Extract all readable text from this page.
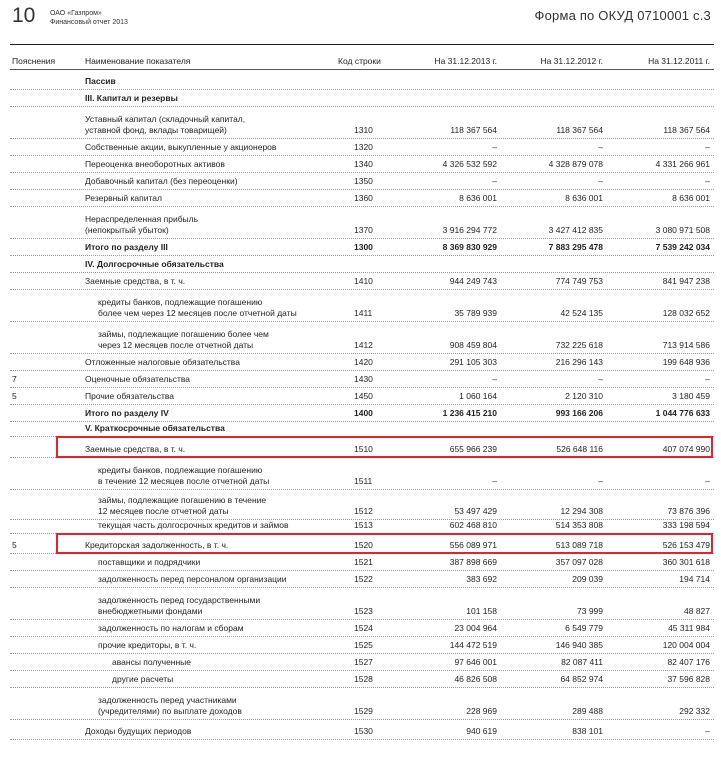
10 ОАО «Газпром»
Финансовый отчет 2013	Форма по ОКУД 0710001 с.3
Пояснения	Наименование показателя	Код строки	На 31.12.2013 г.	На 31.12.2012 г.	На 31.12.2011 г.
Пассив
III. Капитал и резервы
Уставный капитал (складочный капитал,
уставной фонд, вклады товарищей)	1310	118 367 564	118 367 564	118 367 564
Собственные акции, выкупленные у акционеров	1320	–	–	–
Переоценка внеоборотных активов	1340	4 326 532 592	4 328 879 078	4 331 266 961
Добавочный капитал (без переоценки)	1350	–	–	–
Резервный капитал	1360	8 636 001	8 636 001	8 636 001
Нераспределенная прибыль
(непокрытый убыток)	1370	3 916 294 772	3 427 412 835	3 080 971 508
Итого по разделу III	1300	8 369 830 929	7 883 295 478	7 539 242 034
IV. Долгосрочные обязательства
Заемные средства, в т. ч.	1410	944 249 743	774 749 753	841 947 238
кредиты банков, подлежащие погашению
более чем через 12 месяцев после отчетной даты	1411	35 789 939	42 524 135	128 032 652
займы, подлежащие погашению более чем
через 12 месяцев после отчетной даты	1412	908 459 804	732 225 618	713 914 586
Отложенные налоговые обязательства	1420	291 105 303	216 296 143	199 648 936
7	Оценочные обязательства	1430	–	–	–
5	Прочие обязательства	1450	1 060 164	2 120 310	3 180 459
Итого по разделу IV	1400	1 236 415 210	993 166 206	1 044 776 633
V. Краткосрочные обязательства
Заемные средства, в т. ч.	1510	655 966 239	526 648 116	407 074 990
кредиты банков, подлежащие погашению
в течение 12 месяцев после отчетной даты	1511	–	–	–
займы, подлежащие погашению в течение
12 месяцев после отчетной даты	1512	53 497 429	12 294 308	73 876 396
текущая часть долгосрочных кредитов и займов	1513	602 468 810	514 353 808	333 198 594
5	Кредиторская задолженность, в т. ч.	1520	556 089 971	513 089 718	526 153 479
поставщики и подрядчики	1521	387 898 669	357 097 028	360 301 618
задолженность перед персоналом организации	1522	383 692	209 039	194 714
задолженность перед государственными
внебюджетными фондами	1523	101 158	73 999	48 827
задолженность по налогам и сборам	1524	23 004 964	6 549 779	45 311 984
прочие кредиторы, в т. ч.	1525	144 472 519	146 940 385	120 004 004
авансы полученные	1527	97 646 001	82 087 411	82 407 176
другие расчеты	1528	46 826 508	64 852 974	37 596 828
задолженность перед участниками
(учредителями) по выплате доходов	1529	228 969	289 488	292 332
Доходы будущих периодов	1530	940 619	838 101	–
